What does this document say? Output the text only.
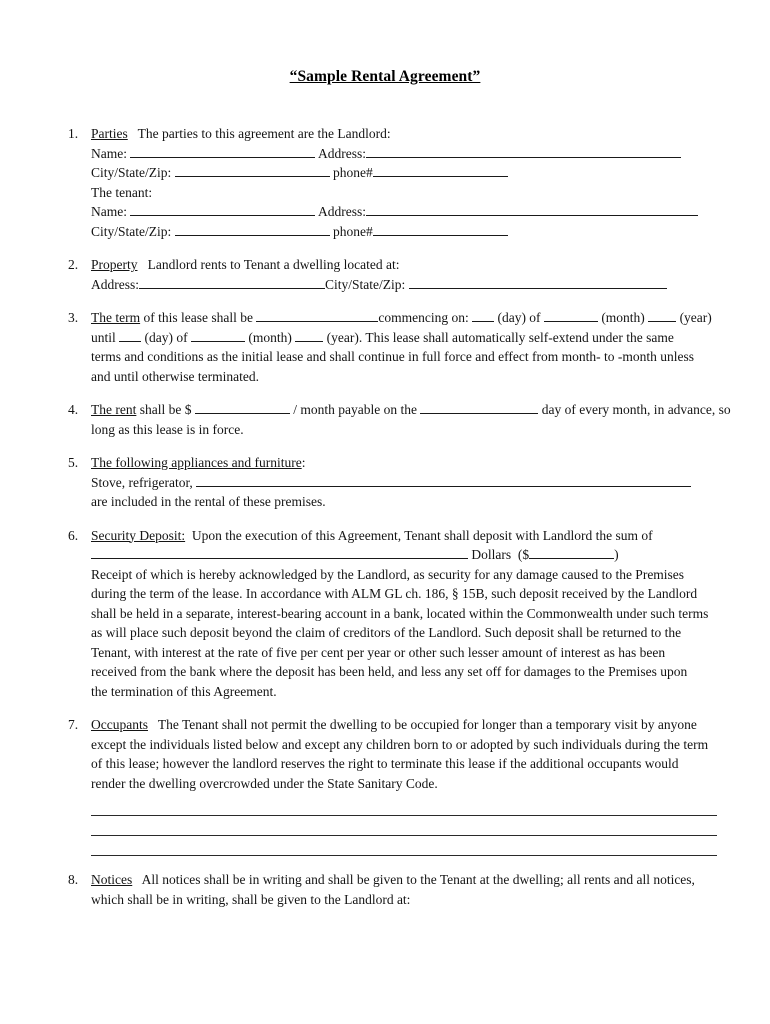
“Sample Rental Agreement”
1. Parties   The parties to this agreement are the Landlord:
Name:	Address:
City/State/Zip:	phone#
The tenant:
Name:	Address:
City/State/Zip:	phone#
2. Property   Landlord rents to Tenant a dwelling located at:
Address:	City/State/Zip:
3. The term of this lease shall be	commencing on:  (day) of	(month)  (year)
until  (day) of	(month)  (year). This lease shall automatically self-extend under the same
terms and conditions as the initial lease and shall continue in full force and effect from month- to -month unless
and until otherwise terminated.
4. The rent shall be $	/ month payable on the	day of every month, in advance, so
long as this lease is in force.
5. The following appliances and furniture:
Stove, refrigerator,
are included in the rental of these premises.
6. Security Deposit:  Upon the execution of this Agreement, Tenant shall deposit with Landlord the sum of
Dollars  ($	)
Receipt of which is hereby acknowledged by the Landlord, as security for any damage caused to the Premises
during the term of the lease. In accordance with ALM GL ch. 186, § 15B, such deposit received by the Landlord
shall be held in a separate, interest-bearing account in a bank, located within the Commonwealth under such terms
as will place such deposit beyond the claim of creditors of the Landlord. Such deposit shall be returned to the
Tenant, with interest at the rate of five per cent per year or other such lesser amount of interest as has been
received from the bank where the deposit has been held, and less any set off for damages to the Premises upon
the termination of this Agreement.
7. Occupants   The Tenant shall not permit the dwelling to be occupied for longer than a temporary visit by anyone
except the individuals listed below and except any children born to or adopted by such individuals during the term
of this lease; however the landlord reserves the right to terminate this lease if the additional occupants would
render the dwelling overcrowded under the State Sanitary Code.
8. Notices   All notices shall be in writing and shall be given to the Tenant at the dwelling; all rents and all notices,
which shall be in writing, shall be given to the Landlord at:
